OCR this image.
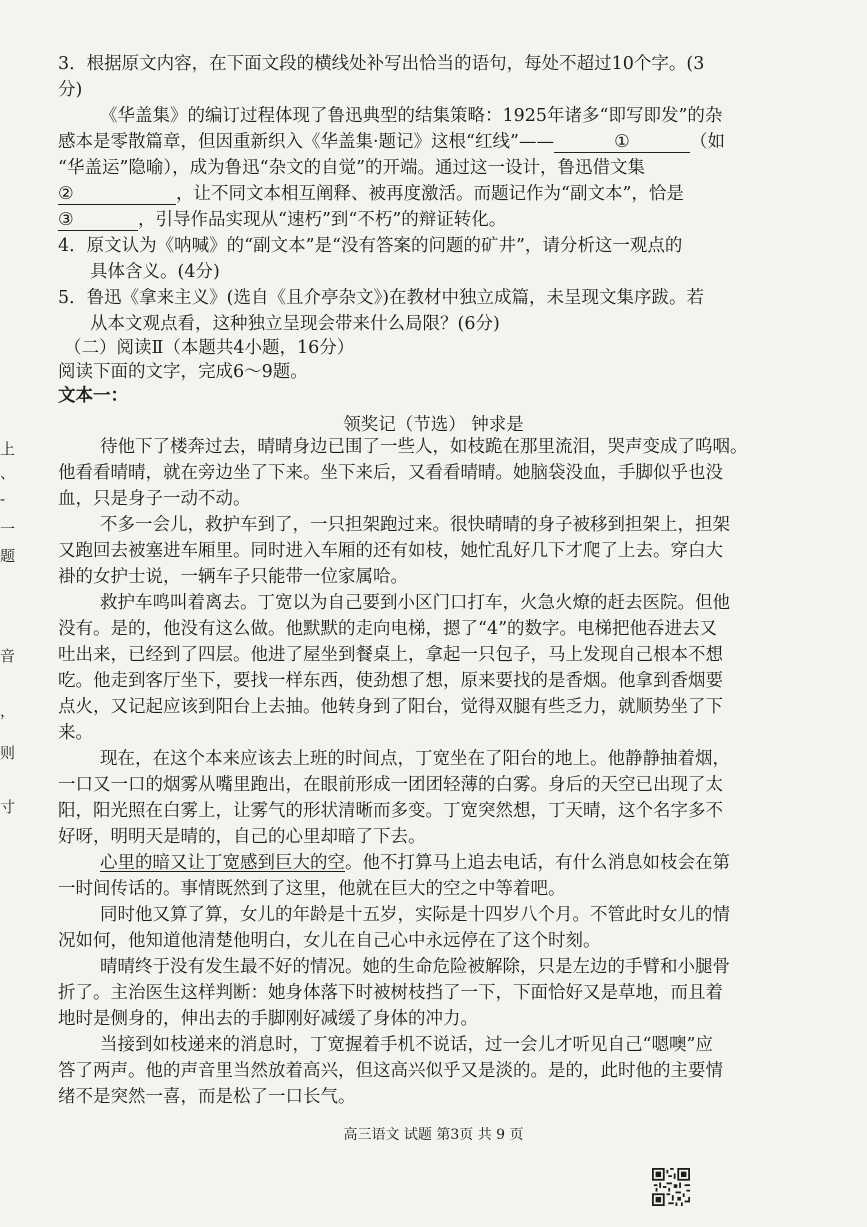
3．根据原文内容，在下面文段的横线处补写出恰当的语句，每处不超过10个字。(3

分)

《华盖集》的编订过程体现了鲁迅典型的结集策略：1925年诸多“即写即发”的杂

感本是零散篇章，但因重新织入《华盖集·题记》这根“红线”——	①	（如

“华盖运”隐喻），成为鲁迅“杂文的自觉”的开端。通过这一设计，鲁迅借文集

②	，让不同文本相互阐释、被再度激活。而题记作为“副文本”，恰是

③	，引导作品实现从“速朽”到“不朽”的辩证转化。

4．原文认为《呐喊》的“副文本”是“没有答案的问题的矿井”，请分析这一观点的

具体含义。(4分)

5．鲁迅《拿来主义》(选自《且介亭杂文》)在教材中独立成篇，未呈现文集序跋。若

从本文观点看，这种独立呈现会带来什么局限？(6分)

（二）阅读Ⅱ（本题共4小题，16分）

阅读下面的文字，完成6～9题。

文本一：

领奖记（节选） 钟求是

待他下了楼奔过去，晴晴身边已围了一些人，如枝跪在那里流泪，哭声变成了呜咽。

他看看晴晴，就在旁边坐了下来。坐下来后，又看看晴晴。她脑袋没血，手脚似乎也没

血，只是身子一动不动。

不多一会儿，救护车到了，一只担架跑过来。很快晴晴的身子被移到担架上，担架

又跑回去被塞进车厢里。同时进入车厢的还有如枝，她忙乱好几下才爬了上去。穿白大

褂的女护士说，一辆车子只能带一位家属哈。

救护车鸣叫着离去。丁宽以为自己要到小区门口打车，火急火燎的赶去医院。但他

没有。是的，他没有这么做。他默默的走向电梯，摁了“4”的数字。电梯把他吞进去又

吐出来，已经到了四层。他进了屋坐到餐桌上，拿起一只包子，马上发现自己根本不想

吃。他走到客厅坐下，要找一样东西，使劲想了想，原来要找的是香烟。他拿到香烟要

点火，又记起应该到阳台上去抽。他转身到了阳台，觉得双腿有些乏力，就顺势坐了下

来。

现在，在这个本来应该去上班的时间点，丁宽坐在了阳台的地上。他静静抽着烟，

一口又一口的烟雾从嘴里跑出，在眼前形成一团团轻薄的白雾。身后的天空已出现了太

阳，阳光照在白雾上，让雾气的形状清晰而多变。丁宽突然想，丁天晴，这个名字多不

好呀，明明天是晴的，自己的心里却暗了下去。

心里的暗又让丁宽感到巨大的空。他不打算马上追去电话，有什么消息如枝会在第

一时间传话的。事情既然到了这里，他就在巨大的空之中等着吧。

同时他又算了算，女儿的年龄是十五岁，实际是十四岁八个月。不管此时女儿的情

况如何，他知道他清楚他明白，女儿在自己心中永远停在了这个时刻。

晴晴终于没有发生最不好的情况。她的生命危险被解除，只是左边的手臂和小腿骨

折了。主治医生这样判断：她身体落下时被树枝挡了一下，下面恰好又是草地，而且着

地时是侧身的，伸出去的手脚刚好减缓了身体的冲力。

当接到如枝递来的消息时，丁宽握着手机不说话，过一会儿才听见自己“嗯噢”应

答了两声。他的声音里当然放着高兴，但这高兴似乎又是淡的。是的，此时他的主要情

绪不是突然一喜，而是松了一口长气。

上
、
-
一
题
音
，
则
寸
高三语文 试题 第3页 共 9 页
